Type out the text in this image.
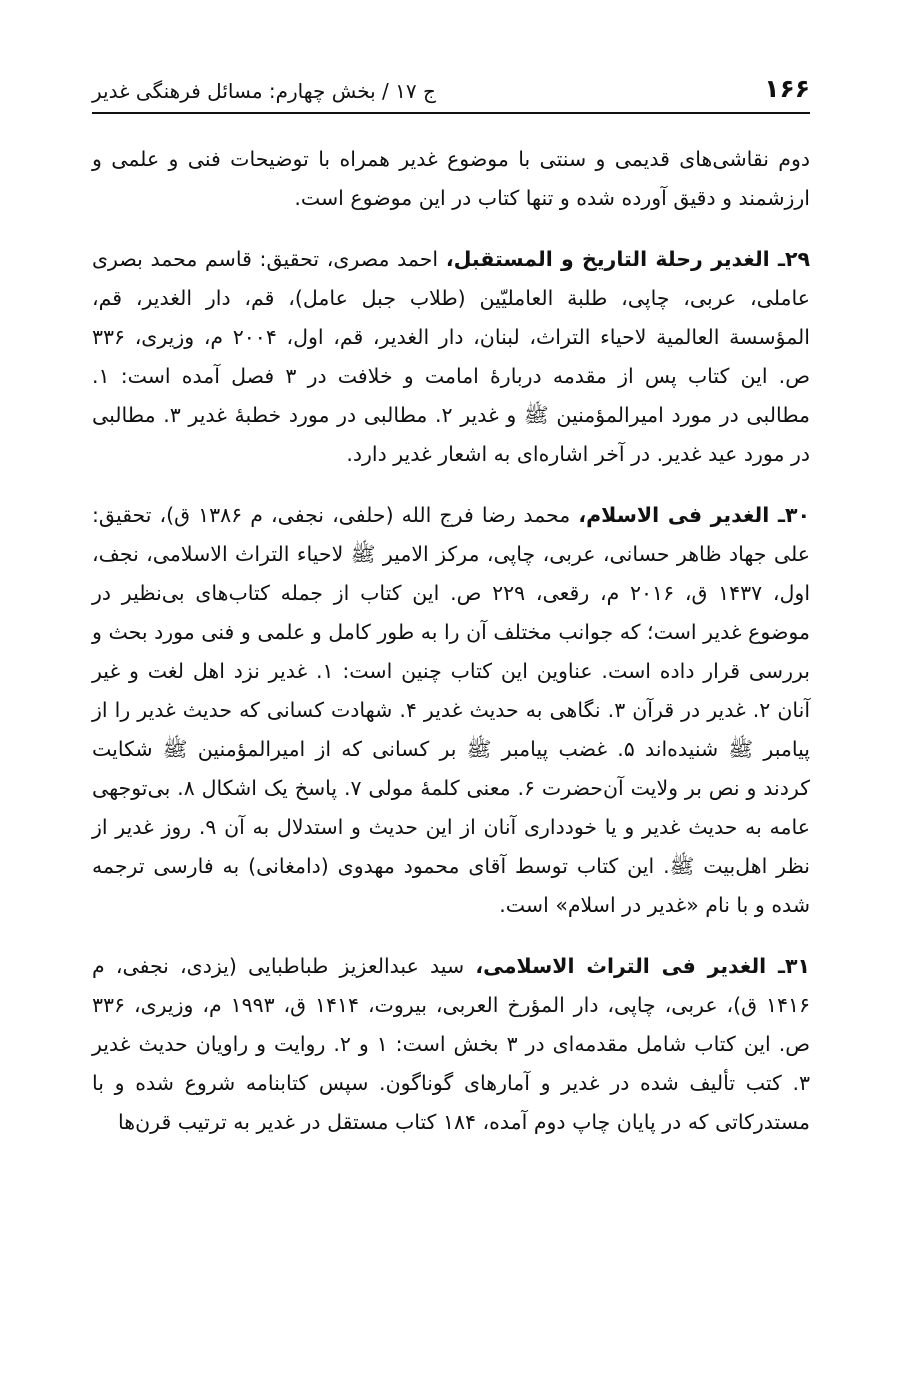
۱۶۶
ج ۱۷ / بخش چهارم: مسائل فرهنگی غدیر

دوم نقاشی‌های قدیمی و سنتی با موضوع غدیر همراه با توضیحات فنی و علمی و ارزشمند و دقیق آورده شده و تنها کتاب در این موضوع است.

۲۹ـ الغدیر رحلة التاریخ و المستقبل، احمد مصری، تحقیق: قاسم محمد بصری عاملی، عربی، چاپی، طلبة العاملیّین (طلاب جبل عامل)، قم، دار الغدیر، قم، المؤسسة العالمیة لاحیاء التراث، لبنان، دار الغدیر، قم، اول، ۲۰۰۴ م، وزیری، ۳۳۶ ص. این کتاب پس از مقدمه دربارهٔ امامت و خلافت در ۳ فصل آمده است: ۱. مطالبی در مورد امیرالمؤمنین ﷺ و غدیر ۲. مطالبی در مورد خطبهٔ غدیر ۳. مطالبی در مورد عید غدیر. در آخر اشاره‌ای به اشعار غدیر دارد.

۳۰ـ الغدیر فی الاسلام، محمد رضا فرج الله (حلفی، نجفی، م ۱۳۸۶ ق)، تحقیق: علی جهاد ظاهر حسانی، عربی، چاپی، مرکز الامیر ﷺ لاحیاء التراث الاسلامی، نجف، اول، ۱۴۳۷ ق، ۲۰۱۶ م، رقعی، ۲۲۹ ص. این کتاب از جمله کتاب‌های بی‌نظیر در موضوع غدیر است؛ که جوانب مختلف آن را به طور کامل و علمی و فنی مورد بحث و بررسی قرار داده است. عناوین این کتاب چنین است: ۱. غدیر نزد اهل لغت و غیر آنان ۲. غدیر در قرآن ۳. نگاهی به حدیث غدیر ۴. شهادت کسانی که حدیث غدیر را از پیامبر ﷺ شنیده‌اند ۵. غضب پیامبر ﷺ بر کسانی که از امیرالمؤمنین ﷺ شکایت کردند و نص بر ولایت آن‌حضرت ۶. معنی کلمهٔ مولی ۷. پاسخ یک اشکال ۸. بی‌توجهی عامه به حدیث غدیر و یا خودداری آنان از این حدیث و استدلال به آن ۹. روز غدیر از نظر اهل‌بیت ﷺ. این کتاب توسط آقای محمود مهدوی (دامغانی) به فارسی ترجمه شده و با نام «غدیر در اسلام» است.

۳۱ـ الغدیر فی التراث الاسلامی، سید عبدالعزیز طباطبایی (یزدی، نجفی، م ۱۴۱۶ ق)، عربی، چاپی، دار المؤرخ العربی، بیروت، ۱۴۱۴ ق، ۱۹۹۳ م، وزیری، ۳۳۶ ص. این کتاب شامل مقدمه‌ای در ۳ بخش است: ۱ و ۲. روایت و راویان حدیث غدیر ۳. کتب تألیف شده در غدیر و آمارهای گوناگون. سپس کتابنامه شروع شده و با مستدرکاتی که در پایان چاپ دوم آمده، ۱۸۴ کتاب مستقل در غدیر به ترتیب قرن‌ها
